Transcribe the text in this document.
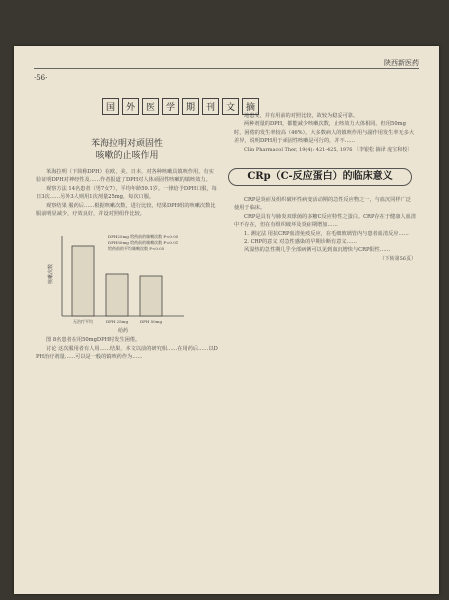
陕西新医药
·56·
国	外	医	学	期	刊	文	摘
苯海拉明对顽固性
咳嗽的止咳作用

苯海拉明（下简称DPH）在欧、美、日本，对各种咳嗽具镇咳作用，有实验证明DPH对神经性及……作者报道了DPH对人体顽固性咳嗽的镇咳效力。

观察方法 14名患者（男7女7），平均年龄59.1岁。一律给予DPH口服，每日3次……另外3人则用1次剂量25mg，每次口服。

观察结果 服药后……根据咳嗽次数，进行比较，结果DPH组的咳嗽次数比服前明显减少，疗效良好，并设对照组作比较。

咳嗽次数
DPH25mg 给药前的咳嗽次数 P<0.05
DPH50mg 给药前的咳嗽次数 P<0.01
给药前的平均咳嗽次数 P<0.05
无治疗平均	DPH 25mg	DPH 50mg
给药

图 8名患者在用50mgDPH时发生困倦。

讨论 这次服用者有人用……结果，本文以前的研究相……在用药后……以DPH治疗剂量……可以是一般的镇咳药作为……

地患受，并有用前的对照比较，故较为稳妥可靠。

两种剂量的DPH，都能减少咳嗽次数，止咳效力大体相同。但用50mg时，困倦的发生率较高（46%）。大多数病人的镇咳作用与副作用发生率无多大差异，说明DPH用于顽固性咳嗽是可行的，并不……

Clin Pharmacol Ther, 19(4): 421-425, 1976 〔李银松 摘译 庞宝和校〕

CRp（C-反应蛋白）的临床意义

CRP是炎症及组织破坏性病变活动期的急性反应物之一，与血沉同样广泛使用于临床。

CRP是具有与肺炎双球菌的多糖C反应特性之蛋白。CRP存在于健康人血清中不存在，但在有组织破坏及炎症期增加……

1. 测定法 用抗CRP血清免疫反应，在毛细玻璃管内与患者血清反应……

2. CRP的意义 对急性感染的早期诊断有意义……

风湿热的急性期几乎全部病例可以见到血沉增快与CRP阳性……

（下转第56页）
